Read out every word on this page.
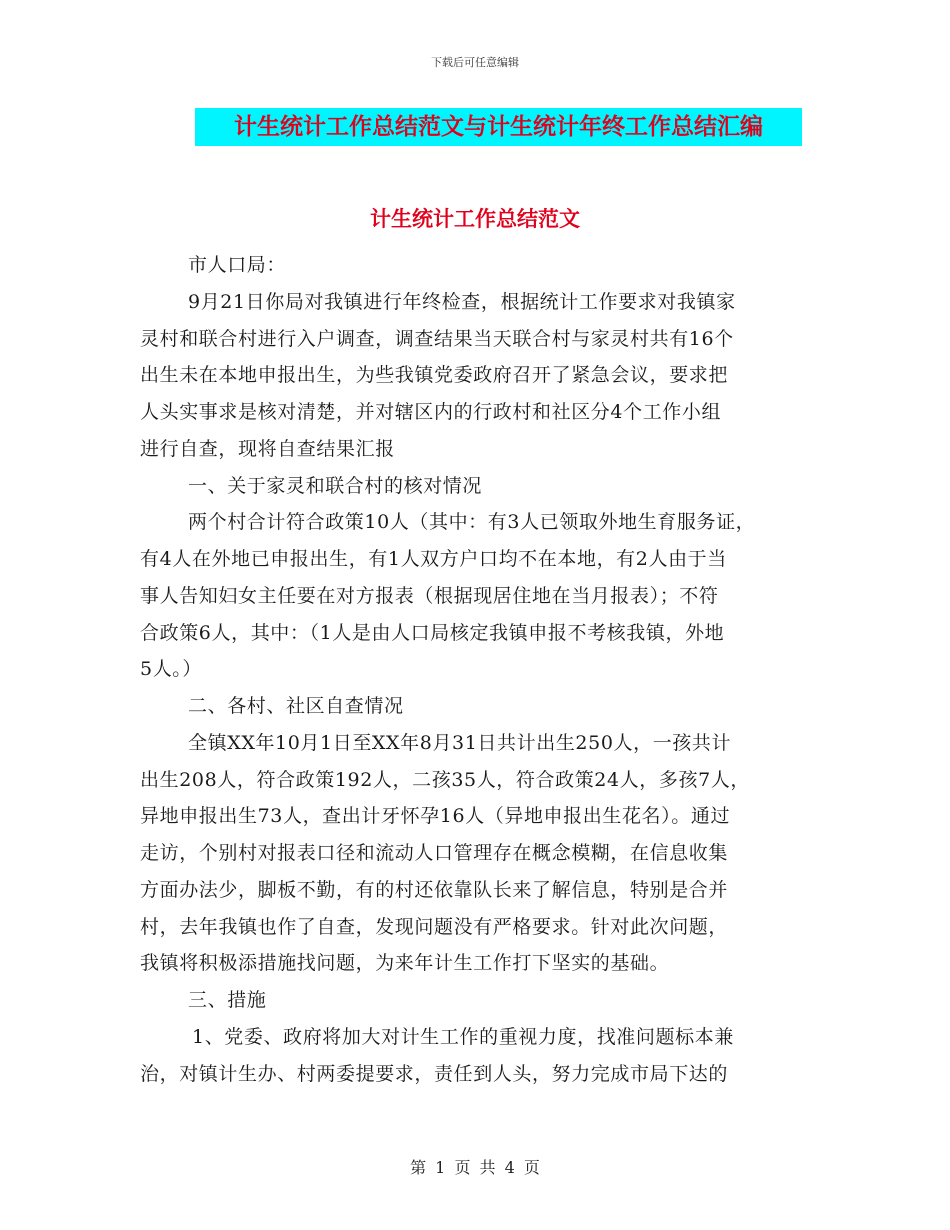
下载后可任意编辑
计生统计工作总结范文与计生统计年终工作总结汇编
计生统计工作总结范文
市人口局：
9月21日你局对我镇进行年终检查，根据统计工作要求对我镇家
灵村和联合村进行入户调查，调查结果当天联合村与家灵村共有16个
出生未在本地申报出生，为些我镇党委政府召开了紧急会议，要求把
人头实事求是核对清楚，并对辖区内的行政村和社区分4个工作小组
进行自查，现将自查结果汇报
一、关于家灵和联合村的核对情况
两个村合计符合政策10人（其中：有3人已领取外地生育服务证，
有4人在外地已申报出生，有1人双方户口均不在本地，有2人由于当
事人告知妇女主任要在对方报表（根据现居住地在当月报表）；不符
合政策6人，其中：（1人是由人口局核定我镇申报不考核我镇，外地
5人。）
二、各村、社区自查情况
全镇XX年10月1日至XX年8月31日共计出生250人，一孩共计
出生208人，符合政策192人，二孩35人，符合政策24人，多孩7人，
异地申报出生73人，查出计牙怀孕16人（异地申报出生花名）。通过
走访，个别村对报表口径和流动人口管理存在概念模糊，在信息收集
方面办法少，脚板不勤，有的村还依靠队长来了解信息，特别是合并
村，去年我镇也作了自查，发现问题没有严格要求。针对此次问题，
我镇将积极添措施找问题，为来年计生工作打下坚实的基础。
三、措施
1、党委、政府将加大对计生工作的重视力度，找准问题标本兼
治，对镇计生办、村两委提要求，责任到人头，努力完成市局下达的
第 1 页 共 4 页
